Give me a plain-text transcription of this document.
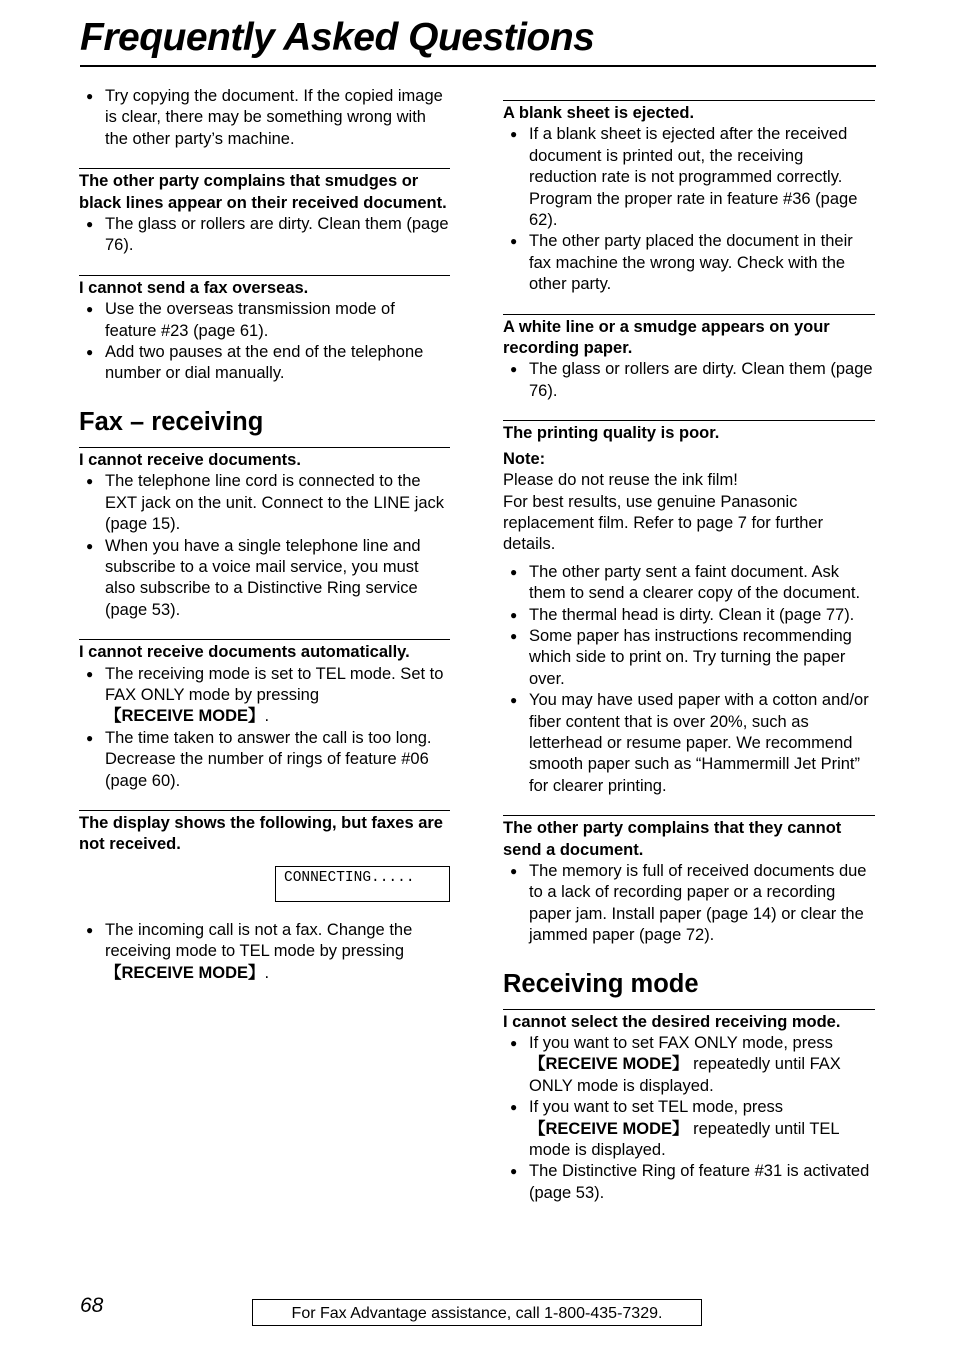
Frequently Asked Questions
● Try copying the document. If the copied image is clear, there may be something wrong with the other party’s machine.

The other party complains that smudges or black lines appear on their received document.

● The glass or rollers are dirty. Clean them (page 76).

I cannot send a fax overseas.

● Use the overseas transmission mode of feature #23 (page 61).
● Add two pauses at the end of the telephone number or dial manually.
Fax – receiving

I cannot receive documents.

● The telephone line cord is connected to the EXT jack on the unit. Connect to the LINE jack (page 15).
● When you have a single telephone line and subscribe to a voice mail service, you must also subscribe to a Distinctive Ring service (page 53).

I cannot receive documents automatically.

● The receiving mode is set to TEL mode. Set to FAX ONLY mode by pressing
【RECEIVE MODE】.
● The time taken to answer the call is too long. Decrease the number of rings of feature #06 (page 60).

The display shows the following, but faxes are not received.

CONNECTING.....
● The incoming call is not a fax. Change the receiving mode to TEL mode by pressing
【RECEIVE MODE】.

A blank sheet is ejected.

● If a blank sheet is ejected after the received document is printed out, the receiving reduction rate is not programmed correctly. Program the proper rate in feature #36 (page 62).
● The other party placed the document in their fax machine the wrong way. Check with the other party.

A white line or a smudge appears on your recording paper.

● The glass or rollers are dirty. Clean them (page 76).

The printing quality is poor.

Note:

Please do not reuse the ink film!

For best results, use genuine Panasonic replacement film. Refer to page 7 for further details.

● The other party sent a faint document. Ask them to send a clearer copy of the document.
● The thermal head is dirty. Clean it (page 77).
● Some paper has instructions recommending which side to print on. Try turning the paper over.
● You may have used paper with a cotton and/or fiber content that is over 20%, such as letterhead or resume paper. We recommend smooth paper such as “Hammermill Jet Print” for clearer printing.

The other party complains that they cannot send a document.

● The memory is full of received documents due to a lack of recording paper or a recording paper jam. Install paper (page 14) or clear the jammed paper (page 72).
Receiving mode

I cannot select the desired receiving mode.

● If you want to set FAX ONLY mode, press
【RECEIVE MODE】 repeatedly until FAX ONLY mode is displayed.
● If you want to set TEL mode, press
【RECEIVE MODE】 repeatedly until TEL mode is displayed.
● The Distinctive Ring of feature #31 is activated (page 53).
68	For Fax Advantage assistance, call 1-800-435-7329.
